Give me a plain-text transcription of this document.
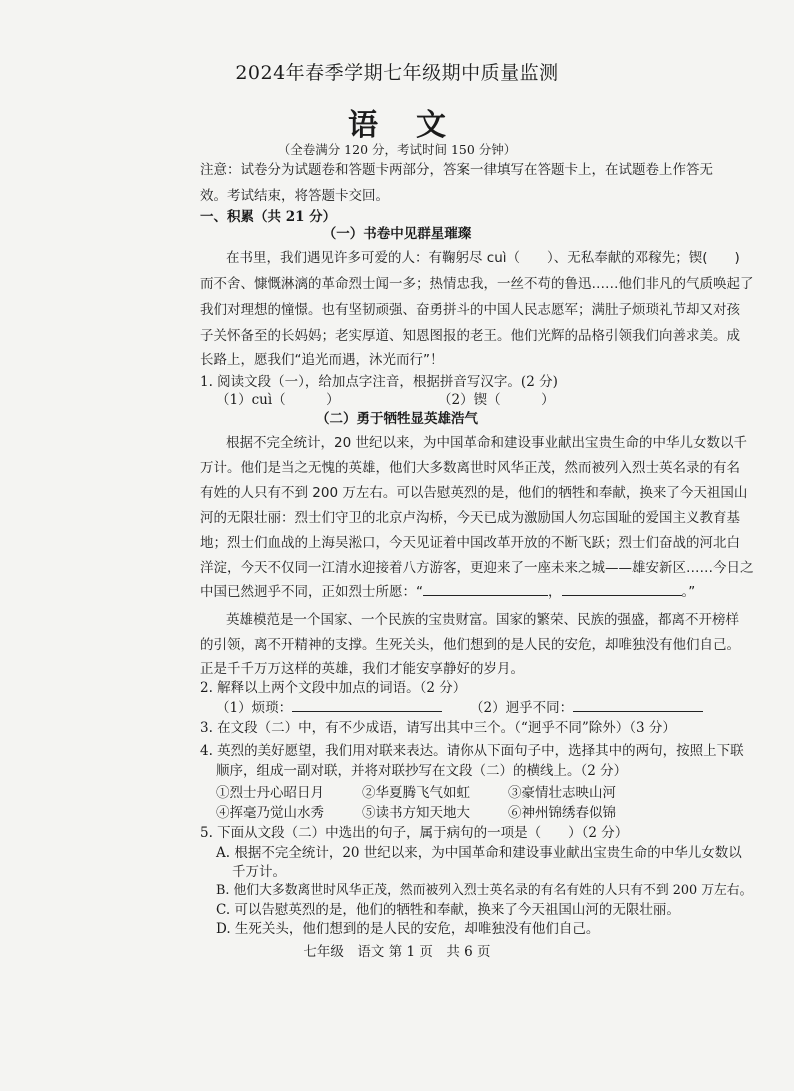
2024年春季学期七年级期中质量监测
语文
（全卷满分 120 分，考试时间 150 分钟）
注意：试卷分为试题卷和答题卡两部分，答案一律填写在答题卡上，在试题卷上作答无
效。考试结束，将答题卡交回。
一、积累（共 21 分）
（一）书卷中见群星璀璨
在书里，我们遇见许多可爱的人：有鞠躬尽 cuì（　　）、无私奉献的邓稼先；锲(　　)
而不舍、慷慨淋漓的革命烈士闻一多；热情忠我，一丝不苟的鲁迅……他们非凡的气质唤起了
我们对理想的憧憬。也有坚韧顽强、奋勇拼斗的中国人民志愿军；满肚子烦琐礼节却又对孩
子关怀备至的长妈妈；老实厚道、知恩图报的老王。他们光辉的品格引领我们向善求美。成
长路上，愿我们“追光而遇，沐光而行”！
1. 阅读文段（一），给加点字注音，根据拼音写汉字。(2 分)
（1）cuì（　　　）	（2）锲（　　　）
（二）勇于牺牲显英雄浩气
根据不完全统计，20 世纪以来，为中国革命和建设事业献出宝贵生命的中华儿女数以千
万计。他们是当之无愧的英雄，他们大多数离世时风华正茂，然而被列入烈士英名录的有名
有姓的人只有不到 200 万左右。可以告慰英烈的是，他们的牺牲和奉献，换来了今天祖国山
河的无限壮丽：烈士们守卫的北京卢沟桥，今天已成为激励国人勿忘国耻的爱国主义教育基
地；烈士们血战的上海吴淞口，今天见证着中国改革开放的不断飞跃；烈士们奋战的河北白
洋淀，今天不仅同一江清水迎接着八方游客，更迎来了一座未来之城——雄安新区……今日之
中国已然迥乎不同，正如烈士所愿：“	，	。”
英雄模范是一个国家、一个民族的宝贵财富。国家的繁荣、民族的强盛，都离不开榜样
的引领，离不开精神的支撑。生死关头，他们想到的是人民的安危，却唯独没有他们自己。
正是千千万万这样的英雄，我们才能安享静好的岁月。
2. 解释以上两个文段中加点的词语。（2 分）
（1）烦琐：	（2）迥乎不同：
3. 在文段（二）中，有不少成语，请写出其中三个。（“迥乎不同”除外）（3 分）
4. 英烈的美好愿望，我们用对联来表达。请你从下面句子中，选择其中的两句，按照上下联
顺序，组成一副对联，并将对联抄写在文段（二）的横线上。（2 分）
①烈士丹心昭日月	②华夏腾飞气如虹	③豪情壮志映山河
④挥毫乃觉山水秀	⑤读书方知天地大	⑥神州锦绣春似锦
5. 下面从文段（二）中选出的句子，属于病句的一项是（　　）（2 分）
A. 根据不完全统计，20 世纪以来，为中国革命和建设事业献出宝贵生命的中华儿女数以
千万计。
B. 他们大多数离世时风华正茂，然而被列入烈士英名录的有名有姓的人只有不到 200 万左右。
C. 可以告慰英烈的是，他们的牺牲和奉献，换来了今天祖国山河的无限壮丽。
D. 生死关头，他们想到的是人民的安危，却唯独没有他们自己。
七年级　语文 第 1 页　共 6 页
